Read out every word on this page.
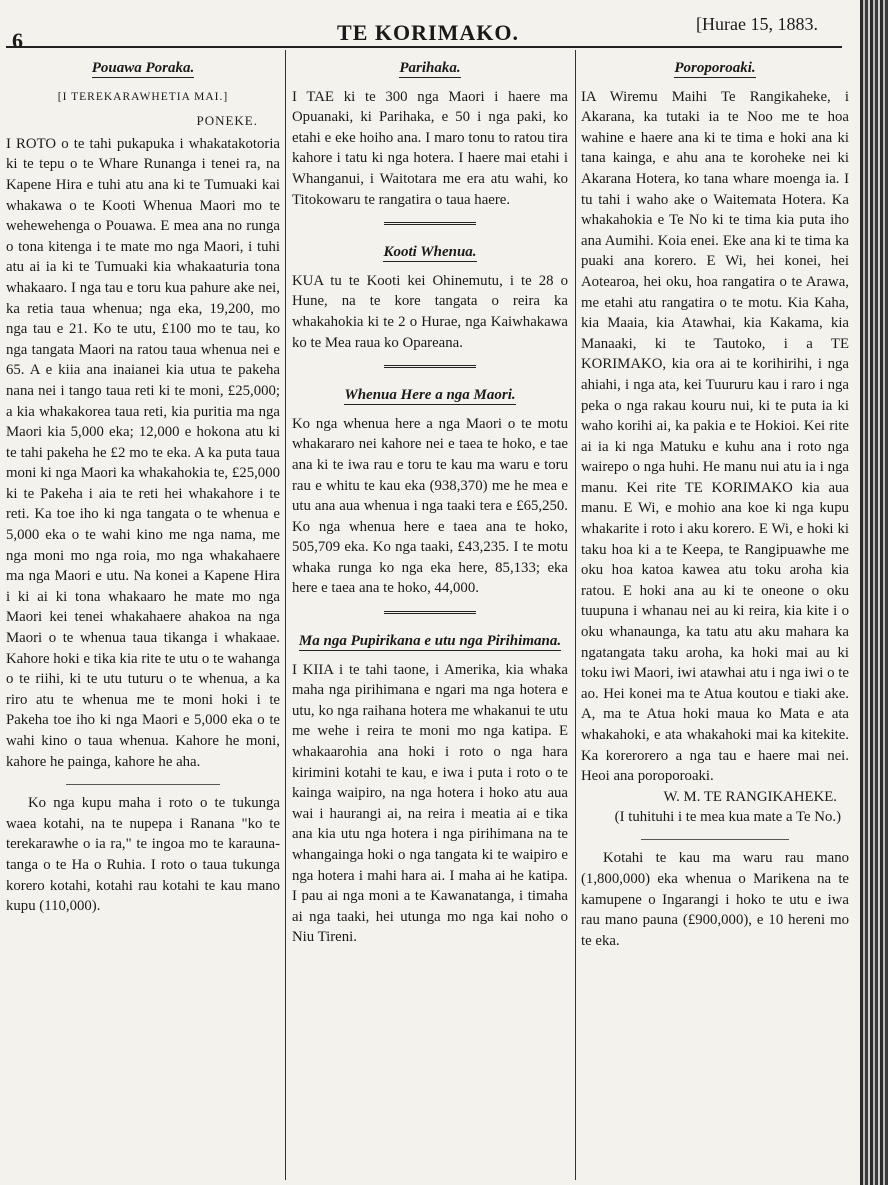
6	TE KORIMAKO.	[Hurae 15, 1883.
Pouawa Poraka.
[I TEREKARAWHETIA MAI.]
PONEKE.

I ROTO o te tahi pukapuka i whakatakotoria ki te tepu o te Whare Runanga i tenei ra, na Kapene Hira e tuhi atu ana ki te Tumuaki kai whakawa o te Kooti Whenua Maori mo te wehewehenga o Pouawa. E mea ana no runga o tona kitenga i te mate mo nga Maori, i tuhi atu ai ia ki te Tumuaki kia whakaaturia tona whakaaro. I nga tau e toru kua pahure ake nei, ka retia taua whenua; nga eka, 19,200, mo nga tau e 21. Ko te utu, £100 mo te tau, ko nga tangata Maori na ratou taua whenua nei e 65. A e kiia ana inaianei kia utua te pakeha nana nei i tango taua reti ki te moni, £25,000; a kia whakakorea taua reti, kia puritia ma nga Maori kia 5,000 eka; 12,000 e hokona atu ki te tahi pakeha he £2 mo te eka. A ka puta taua moni ki nga Maori ka whakahokia te, £25,000 ki te Pakeha i aia te reti hei whakahore i te reti. Ka toe iho ki nga tangata o te whenua e 5,000 eka o te wahi kino me nga nama, me nga moni mo nga roia, mo nga whakahaere ma nga Maori e utu. Na konei a Kapene Hira i ki ai ki tona whakaaro he mate mo nga Maori kei tenei whakahaere ahakoa na nga Maori o te whenua taua tikanga i whakaae. Kahore hoki e tika kia rite te utu o te wahanga o te riihi, ki te utu tuturu o te whenua, a ka riro atu te whenua me te moni hoki i te Pakeha toe iho ki nga Maori e 5,000 eka o te wahi kino o taua whenua. Kahore he moni, kahore he painga, kahore he aha.

Ko nga kupu maha i roto o te tukunga waea kotahi, na te nupepa i Ranana "ko te terekarawhe o ia ra," te ingoa mo te karauna-tanga o te Ha o Ruhia. I roto o taua tukunga korero kotahi, kotahi rau kotahi te kau mano kupu (110,000).

Parihaka.

I TAE ki te 300 nga Maori i haere ma Opuanaki, ki Parihaka, e 50 i nga paki, ko etahi e eke hoiho ana. I maro tonu to ratou tira kahore i tatu ki nga hotera. I haere mai etahi i Whanganui, i Waitotara me era atu wahi, ko Titokowaru te rangatira o taua haere.

Kooti Whenua.

KUA tu te Kooti kei Ohinemutu, i te 28 o Hune, na te kore tangata o reira ka whakahokia ki te 2 o Hurae, nga Kaiwhakawa ko te Mea raua ko Opareana.

Whenua Here a nga Maori.

Ko nga whenua here a nga Maori o te motu whakararo nei kahore nei e taea te hoko, e tae ana ki te iwa rau e toru te kau ma waru e toru rau e whitu te kau eka (938,370) me he mea e utu ana aua whenua i nga taaki tera e £65,250. Ko nga whenua here e taea ana te hoko, 505,709 eka. Ko nga taaki, £43,235. I te motu whaka runga ko nga eka here, 85,133; eka here e taea ana te hoko, 44,000.

Ma nga Pupirikana e utu nga Pirihimana.

I KIIA i te tahi taone, i Amerika, kia whaka maha nga pirihimana e ngari ma nga hotera e utu, ko nga raihana hotera me whakanui te utu me wehe i reira te moni mo nga katipa. E whakaarohia ana hoki i roto o nga hara kirimini kotahi te kau, e iwa i puta i roto o te kainga waipiro, na nga hotera i hoko atu aua wai i haurangi ai, na reira i meatia ai e tika ana kia utu nga hotera i nga pirihimana na te whangainga hoki o nga tangata ki te waipiro e nga hotera i mahi hara ai. I maha ai he katipa. I pau ai nga moni a te Kawanatanga, i timaha ai nga taaki, hei utunga mo nga kai noho o Niu Tireni.

Poroporoaki.

IA Wiremu Maihi Te Rangikaheke, i Akarana, ka tutaki ia te Noo me te hoa wahine e haere ana ki te tima e hoki ana ki tana kainga, e ahu ana te koroheke nei ki Akarana Hotera, ko tana whare moenga ia. I tu tahi i waho ake o Waitemata Hotera. Ka whakahokia e Te No ki te tima kia puta iho ana Aumihi. Koia enei. Eke ana ki te tima ka puaki ana korero. E Wi, hei konei, hei Aotearoa, hei oku, hoa rangatira o te Arawa, me etahi atu rangatira o te motu. Kia Kaha, kia Maaia, kia Atawhai, kia Kakama, kia Manaaki, ki te Tautoko, i a TE KORIMAKO, kia ora ai te korihirihi, i nga ahiahi, i nga ata, kei Tuururu kau i raro i nga peka o nga rakau kouru nui, ki te puta ia ki waho korihi ai, ka pakia e te Hokioi. Kei rite ai ia ki nga Matuku e kuhu ana i roto nga wairepo o nga huhi. He manu nui atu ia i nga manu. Kei rite TE KORIMAKO kia aua manu. E Wi, e mohio ana koe ki nga kupu whakarite i roto i aku korero. E Wi, e hoki ki taku hoa ki a te Keepa, te Rangipuawhe me oku hoa katoa kawea atu toku aroha kia ratou. E hoki ana au ki te oneone o oku tuupuna i whanau nei au ki reira, kia kite i o oku whanaunga, ka tatu atu aku mahara ka ngatangata taku aroha, ka hoki mai au ki toku iwi Maori, iwi atawhai atu i nga iwi o te ao. Hei konei ma te Atua koutou e tiaki ake. A, ma te Atua hoki maua ko Mata e ata whakahoki, e ata whakahoki mai ka kitekite. Ka korerorero a nga tau e haere mai nei. Heoi ana poroporoaki.

W. M. TE RANGIKAHEKE.
(I tuhituhi i te mea kua mate a Te No.)

Kotahi te kau ma waru rau mano (1,800,000) eka whenua o Marikena na te kamupene o Ingarangi i hoko te utu e iwa rau mano pauna (£900,000), e 10 hereni mo te eka.
